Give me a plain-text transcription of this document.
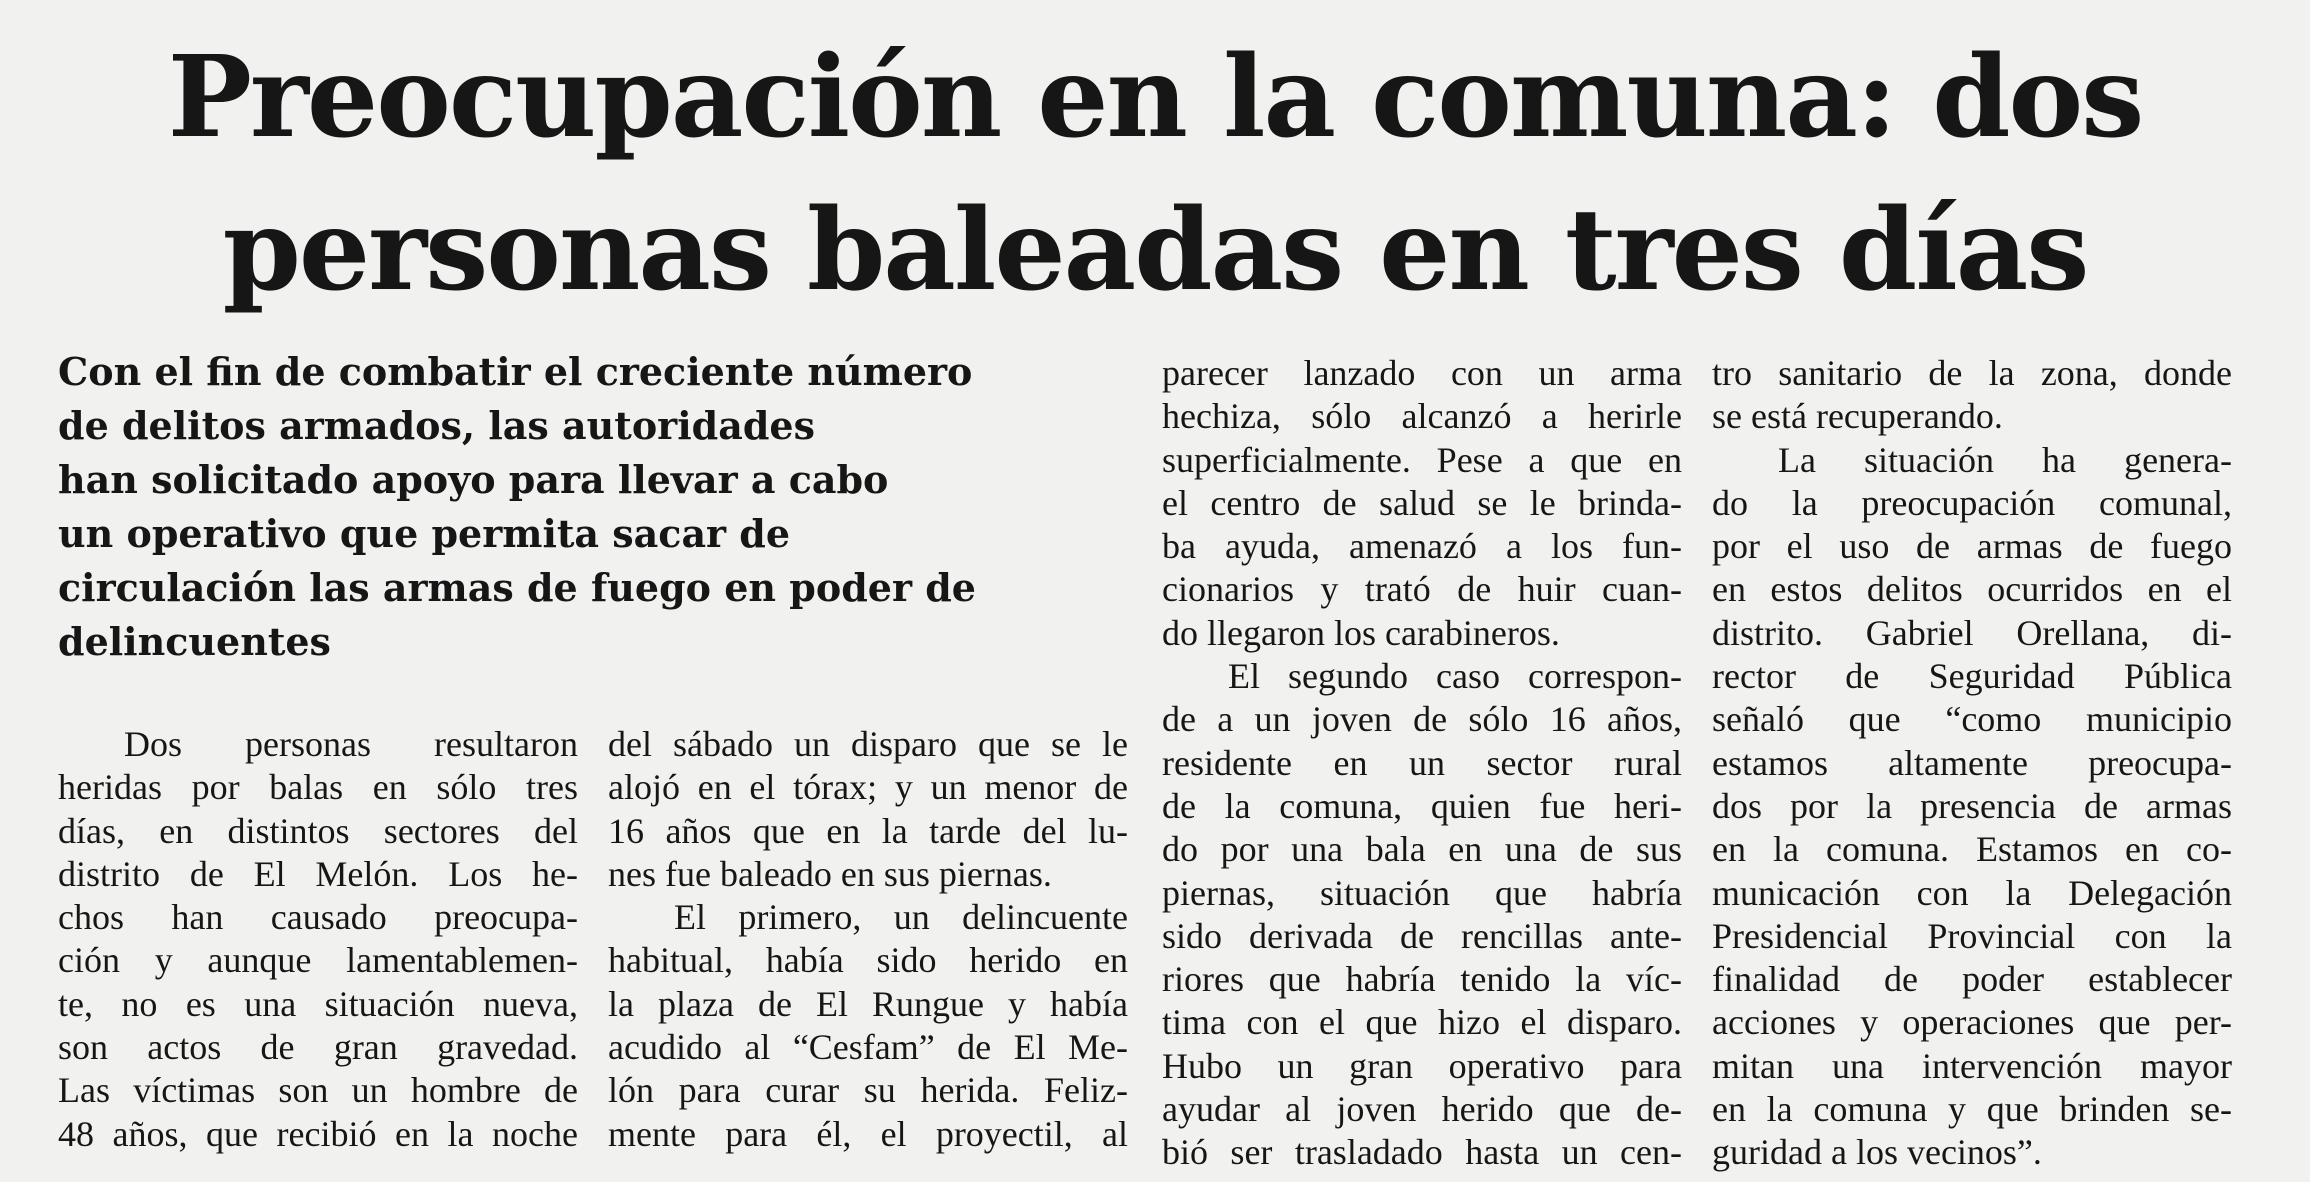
Preocupación en la comuna: dos
personas baleadas en tres días
Con el fin de combatir el creciente número
de delitos armados, las autoridades
han solicitado apoyo para llevar a cabo
un operativo que permita sacar de
circulación las armas de fuego en poder de
delincuentes
Dos personas resultaron
heridas por balas en sólo tres
días, en distintos sectores del
distrito de El Melón. Los he-
chos han causado preocupa-
ción y aunque lamentablemen-
te, no es una situación nueva,
son actos de gran gravedad.
Las víctimas son un hombre de
48 años, que recibió en la noche
del sábado un disparo que se le
alojó en el tórax; y un menor de
16 años que en la tarde del lu-
nes fue baleado en sus piernas.
El primero, un delincuente
habitual, había sido herido en
la plaza de El Rungue y había
acudido al “Cesfam” de El Me-
lón para curar su herida. Feliz-
mente para él, el proyectil, al
parecer lanzado con un arma
hechiza, sólo alcanzó a herirle
superficialmente. Pese a que en
el centro de salud se le brinda-
ba ayuda, amenazó a los fun-
cionarios y trató de huir cuan-
do llegaron los carabineros.
El segundo caso correspon-
de a un joven de sólo 16 años,
residente en un sector rural
de la comuna, quien fue heri-
do por una bala en una de sus
piernas, situación que habría
sido derivada de rencillas ante-
riores que habría tenido la víc-
tima con el que hizo el disparo.
Hubo un gran operativo para
ayudar al joven herido que de-
bió ser trasladado hasta un cen-
tro sanitario de la zona, donde
se está recuperando.
La situación ha genera-
do la preocupación comunal,
por el uso de armas de fuego
en estos delitos ocurridos en el
distrito. Gabriel Orellana, di-
rector de Seguridad Pública
señaló que “como municipio
estamos altamente preocupa-
dos por la presencia de armas
en la comuna. Estamos en co-
municación con la Delegación
Presidencial Provincial con la
finalidad de poder establecer
acciones y operaciones que per-
mitan una intervención mayor
en la comuna y que brinden se-
guridad a los vecinos”.
